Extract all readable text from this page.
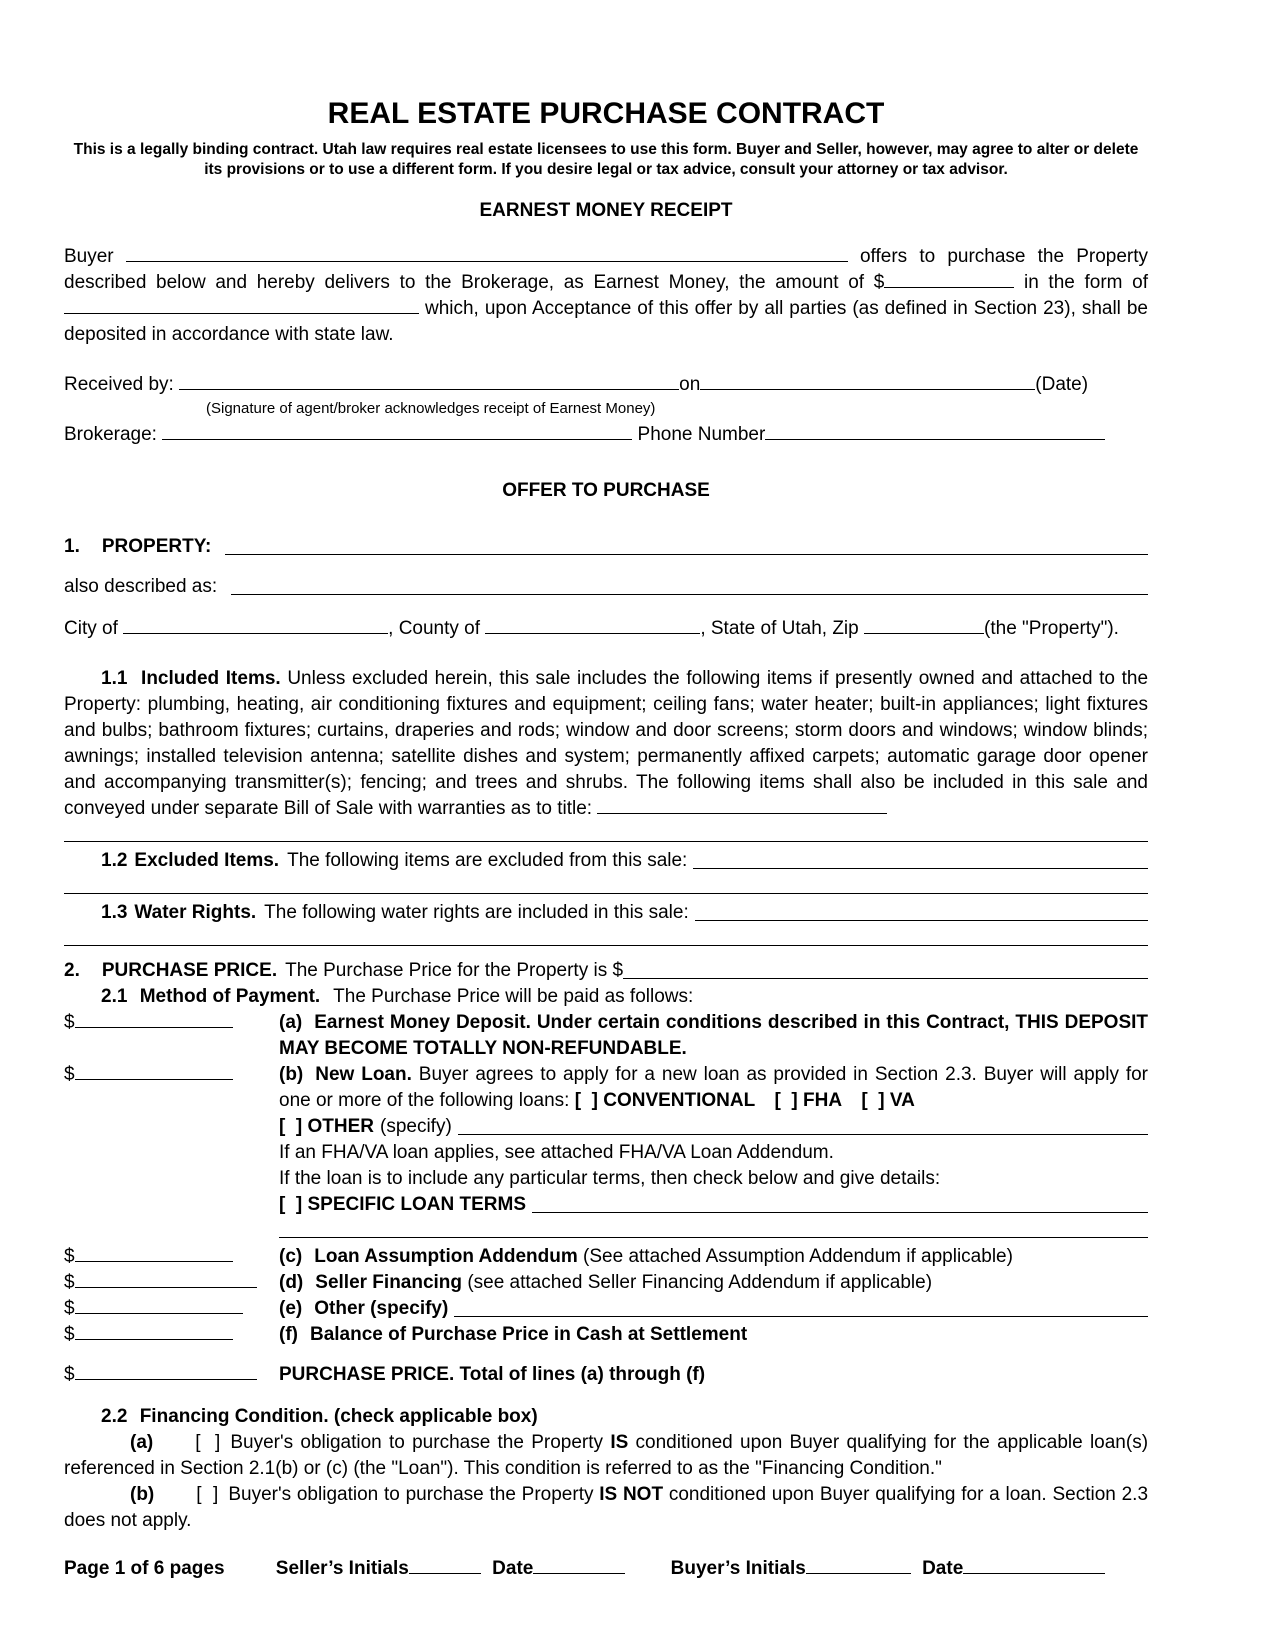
REAL ESTATE PURCHASE CONTRACT

This is a legally binding contract. Utah law requires real estate licensees to use this form. Buyer and Seller, however, may agree to alter or delete its provisions or to use a different form. If you desire legal or tax advice, consult your attorney or tax advisor.

EARNEST MONEY RECEIPT

Buyer	offers to purchase the Property described below and hereby delivers to the Brokerage, as Earnest Money, the amount of $	in the form of  which, upon Acceptance of this offer by all parties (as defined in Section 23), shall be deposited in accordance with state law.

Received by:	on	(Date)
(Signature of agent/broker acknowledges receipt of Earnest Money)
Brokerage:	Phone Number
OFFER TO PURCHASE
1. PROPERTY:
also described as:
City of	, County of	, State of Utah, Zip	(the "Property").

1.1 Included Items. Unless excluded herein, this sale includes the following items if presently owned and attached to the Property: plumbing, heating, air conditioning fixtures and equipment; ceiling fans; water heater; built-in appliances; light fixtures and bulbs; bathroom fixtures; curtains, draperies and rods; window and door screens; storm doors and windows; window blinds; awnings; installed television antenna; satellite dishes and system; permanently affixed carpets; automatic garage door opener and accompanying transmitter(s); fencing; and trees and shrubs. The following items shall also be included in this sale and conveyed under separate Bill of Sale with warranties as to title:

1.2 Excluded Items. The following items are excluded from this sale:
1.3 Water Rights. The following water rights are included in this sale:
2. PURCHASE PRICE. The Purchase Price for the Property is $
2.1 Method of Payment. The Purchase Price will be paid as follows:
$	(a) Earnest Money Deposit. Under certain conditions described in this Contract, THIS DEPOSIT MAY BECOME TOTALLY NON-REFUNDABLE.

$	(b) New Loan. Buyer agrees to apply for a new loan as provided in Section 2.3. Buyer will apply for one or more of the following loans: [  ] CONVENTIONAL [  ] FHA [  ] VA

[  ] OTHER (specify)
If an FHA/VA loan applies, see attached FHA/VA Loan Addendum.
If the loan is to include any particular terms, then check below and give details:
[  ] SPECIFIC LOAN TERMS
$	(c) Loan Assumption Addendum (See attached Assumption Addendum if applicable)

$	(d) Seller Financing (see attached Seller Financing Addendum if applicable)

$	(e) Other (specify)
$	(f) Balance of Purchase Price in Cash at Settlement

$	PURCHASE PRICE. Total of lines (a) through (f)

2.2 Financing Condition. (check applicable box)

(a) [  ] Buyer's obligation to purchase the Property IS conditioned upon Buyer qualifying for the applicable loan(s) referenced in Section 2.1(b) or (c) (the "Loan"). This condition is referred to as the "Financing Condition."

(b) [  ] Buyer's obligation to purchase the Property IS NOT conditioned upon Buyer qualifying for a loan. Section 2.3 does not apply.

Page 1 of 6 pages	Seller’s Initials	Date	Buyer’s Initials	Date
